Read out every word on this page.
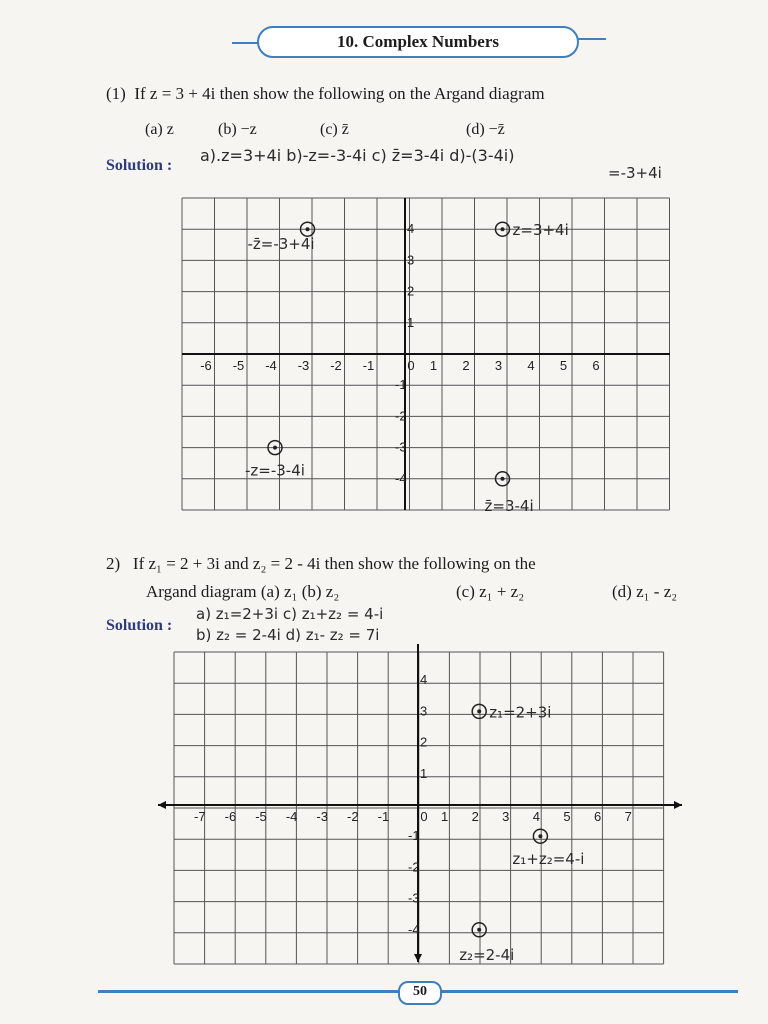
10. Complex Numbers
(1) If z = 3 + 4i then show the following on the Argand diagram
(a) z	(b) −z	(c) z̄	(d) −z̄
Solution :
a).z=3+4i b)-z=-3-4i c) z̄=3-4i d)-(3-4i)
=-3+4i
-6 -5 -4 -3 -2 -1	0 1 2 3 4 5 6
4
3
2
1
-1
-2
-3
-4
z=3+4i
-z̄=-3+4i
-z=-3-4i
z̄=3-4i
2) If z₁ = 2 + 3i and z₂ = 2 - 4i then show the following on the
Argand diagram (a) z₁ (b) z₂	(c) z₁ + z₂	(d) z₁ - z₂
Solution :
a) z₁=2+3i c) z₁+z₂ = 4-i
b) z₂ = 2-4i d) z₁- z₂ = 7i
-7 -6 -5 -4 -3 -2 -1 0 1 2 3 4 5 6 7
4
3
2
1
-1
-2
-3
-4
z₁=2+3i
z₁+z₂=4-i
z₂=2-4i
50
